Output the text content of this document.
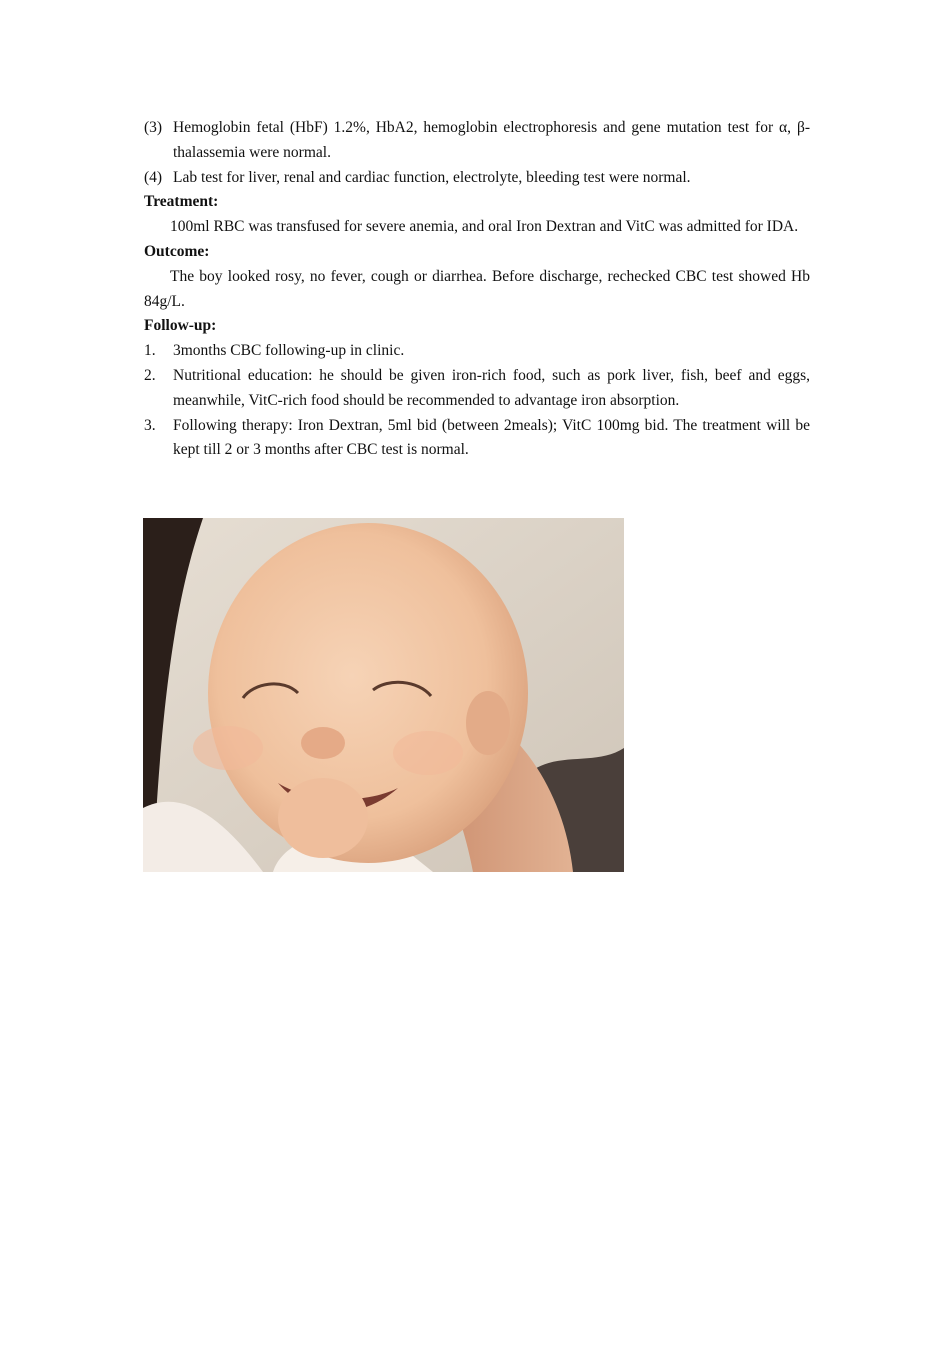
(3) Hemoglobin fetal (HbF) 1.2%, HbA2, hemoglobin electrophoresis and gene mutation test for α, β-thalassemia were normal.

(4) Lab test for liver, renal and cardiac function, electrolyte, bleeding test were normal.

Treatment:

100ml RBC was transfused for severe anemia, and oral Iron Dextran and VitC was admitted for IDA.

Outcome:

The boy looked rosy, no fever, cough or diarrhea. Before discharge, rechecked CBC test showed Hb 84g/L.

Follow-up:

1. 3months CBC following-up in clinic.

2. Nutritional education: he should be given iron-rich food, such as pork liver, fish, beef and eggs, meanwhile, VitC-rich food should be recommended to advantage iron absorption.

3. Following therapy: Iron Dextran, 5ml bid (between 2meals); VitC 100mg bid. The treatment will be kept till 2 or 3 months after CBC test is normal.
